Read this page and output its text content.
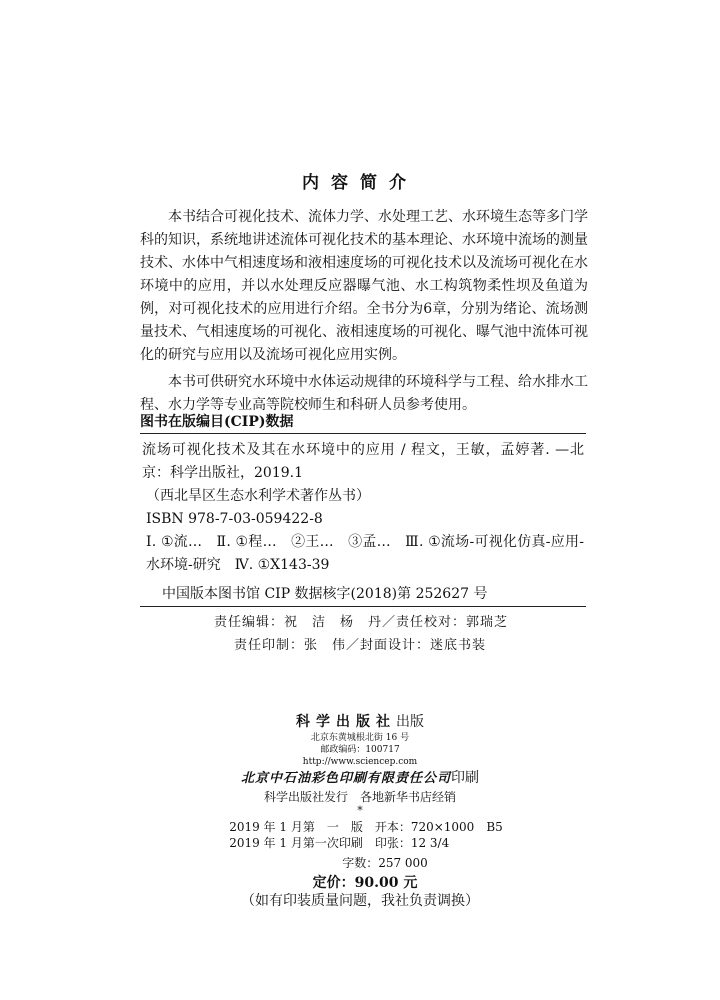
内容简介

本书结合可视化技术、流体力学、水处理工艺、水环境生态等多门学科的知识，系统地讲述流体可视化技术的基本理论、水环境中流场的测量技术、水体中气相速度场和液相速度场的可视化技术以及流场可视化在水环境中的应用，并以水处理反应器曝气池、水工构筑物柔性坝及鱼道为例，对可视化技术的应用进行介绍。全书分为6章，分别为绪论、流场测量技术、气相速度场的可视化、液相速度场的可视化、曝气池中流体可视化的研究与应用以及流场可视化应用实例。

本书可供研究水环境中水体运动规律的环境科学与工程、给水排水工程、水力学等专业高等院校师生和科研人员参考使用。

图书在版编目(CIP)数据

流场可视化技术及其在水环境中的应用 / 程文，王敏，孟婷著. —北京：科学出版社，2019.1

（西北旱区生态水利学术著作丛书）

ISBN 978-7-03-059422-8

Ⅰ. ①流…　Ⅱ. ①程…　②王…　③孟…　Ⅲ. ①流场-可视化仿真-应用-水环境-研究　Ⅳ. ①X143-39

中国版本图书馆 CIP 数据核字(2018)第 252627 号

责任编辑：祝　洁　杨　丹／责任校对：郭瑞芝
责任印制：张　伟／封面设计：迷底书装
科学出版社出版
北京东黄城根北街 16 号
邮政编码：100717
http://www.sciencep.com
北京中石油彩色印刷有限责任公司印刷
科学出版社发行　各地新华书店经销
*
2019 年 1 月第　一　版　开本：720×1000　B5
2019 年 1 月第一次印刷　印张：12 3/4
字数：257 000
定价：90.00 元
（如有印装质量问题，我社负责调换）
